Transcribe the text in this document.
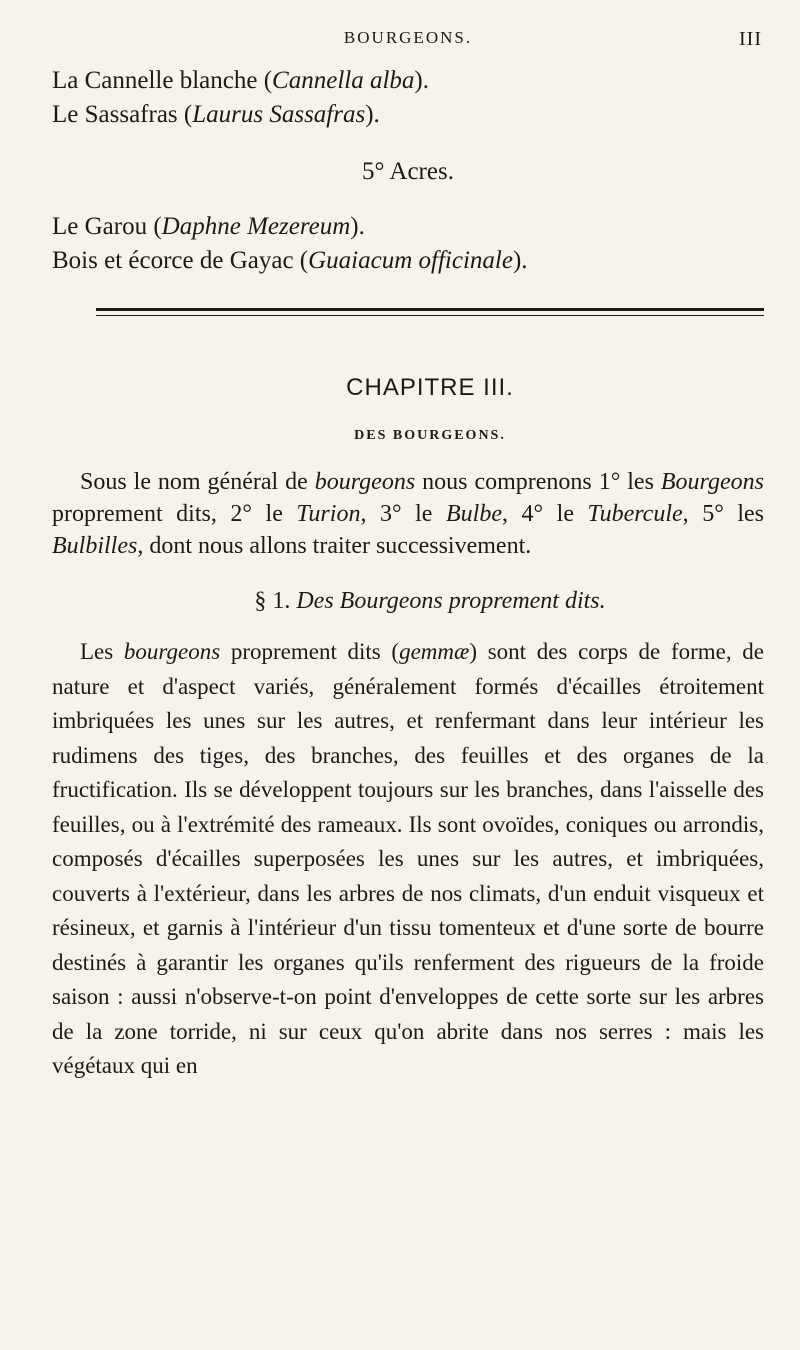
BOURGEONS.	III
La Cannelle blanche (Cannella alba).
Le Sassafras (Laurus Sassafras).
5° Acres.
Le Garou (Daphne Mezereum).
Bois et écorce de Gayac (Guaiacum officinale).
CHAPITRE III.
DES BOURGEONS.

Sous le nom général de bourgeons nous comprenons 1° les Bourgeons proprement dits, 2° le Turion, 3° le Bulbe, 4° le Tubercule, 5° les Bulbilles, dont nous allons traiter successivement.

§ 1. Des Bourgeons proprement dits.

Les bourgeons proprement dits (gemmæ) sont des corps de forme, de nature et d'aspect variés, généralement formés d'écailles étroitement imbriquées les unes sur les autres, et renfermant dans leur intérieur les rudimens des tiges, des branches, des feuilles et des organes de la fructification. Ils se développent toujours sur les branches, dans l'aisselle des feuilles, ou à l'extrémité des rameaux. Ils sont ovoïdes, coniques ou arrondis, composés d'écailles superposées les unes sur les autres, et imbriquées, couverts à l'extérieur, dans les arbres de nos climats, d'un enduit visqueux et résineux, et garnis à l'intérieur d'un tissu tomenteux et d'une sorte de bourre destinés à garantir les organes qu'ils renferment des rigueurs de la froide saison : aussi n'observe-t-on point d'enveloppes de cette sorte sur les arbres de la zone torride, ni sur ceux qu'on abrite dans nos serres : mais les végétaux qui en
